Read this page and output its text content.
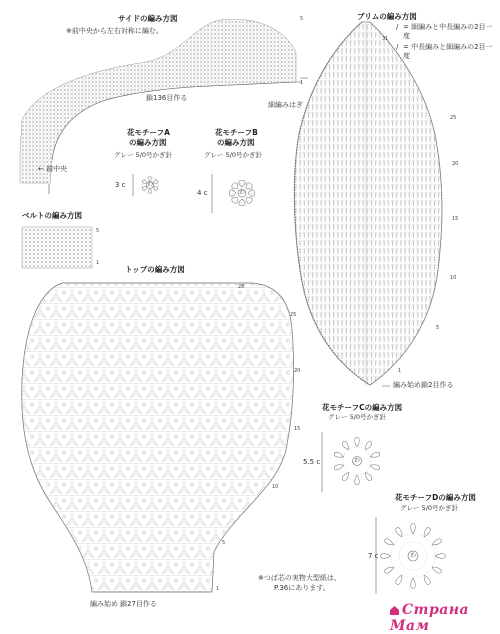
サイドの編み方図
※前中央から左右対称に編む。
鎖136目作る
← 前中央
5
1
花モチーフA
の編み方図
グレー 5/0号かぎ針
3 c	わ
花モチーフB
の編み方図
グレー 5/0号かぎ針
4 c	わ
ベルトの編み方図
5
1
ブリムの編み方図
/ = 細編みと中長編みの2目一度
/ = 中長編みと細編みの2目一度
細編みはぎ
編み始め 鎖2目作る
31
25
20
15
10
5
1
トップの編み方図
編み始め 鎖27目作る
28
25
20
15
10
5
1
花モチーフCの編み方図
グレー 5/0号かぎ針
5.5 c	わ
花モチーフDの編み方図
グレー 5/0号かぎ針
7 c	わ
※つば芯の実物大型紙は、
P.36にあります。
Страна Мам
